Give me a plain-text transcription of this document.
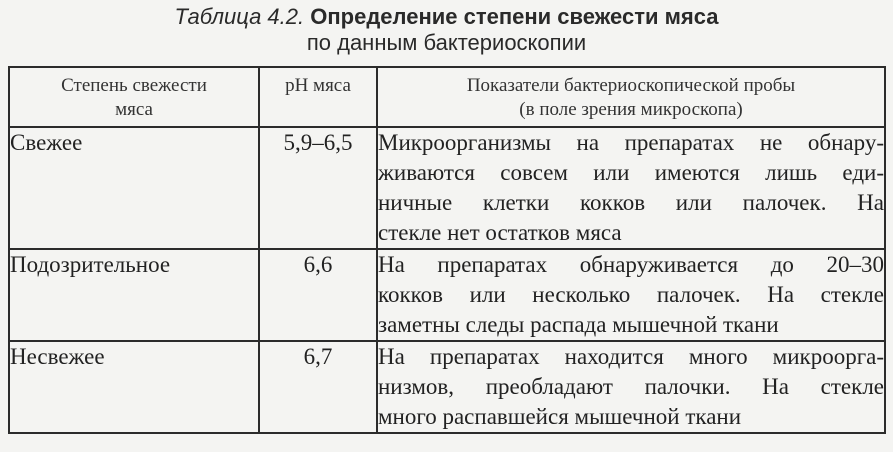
Таблица 4.2. Определение степени свежести мяса
по данным бактериоскопии
Степень свежести
мяса	рН мяса	Показатели бактериоскопической пробы
(в поле зрения микроскопа)

Свежее	5,9–6,5	Микроорганизмы на препаратах не обнару-
живаются совсем или имеются лишь еди-
ничные клетки кокков или палочек. На
стекле нет остатков мяса

Подозрительное	6,6	На препаратах обнаруживается до 20–30
кокков или несколько палочек. На стекле
заметны следы распада мышечной ткани

Несвежее	6,7	На препаратах находится много микроорга-
низмов, преобладают палочки. На стекле
много распавшейся мышечной ткани
